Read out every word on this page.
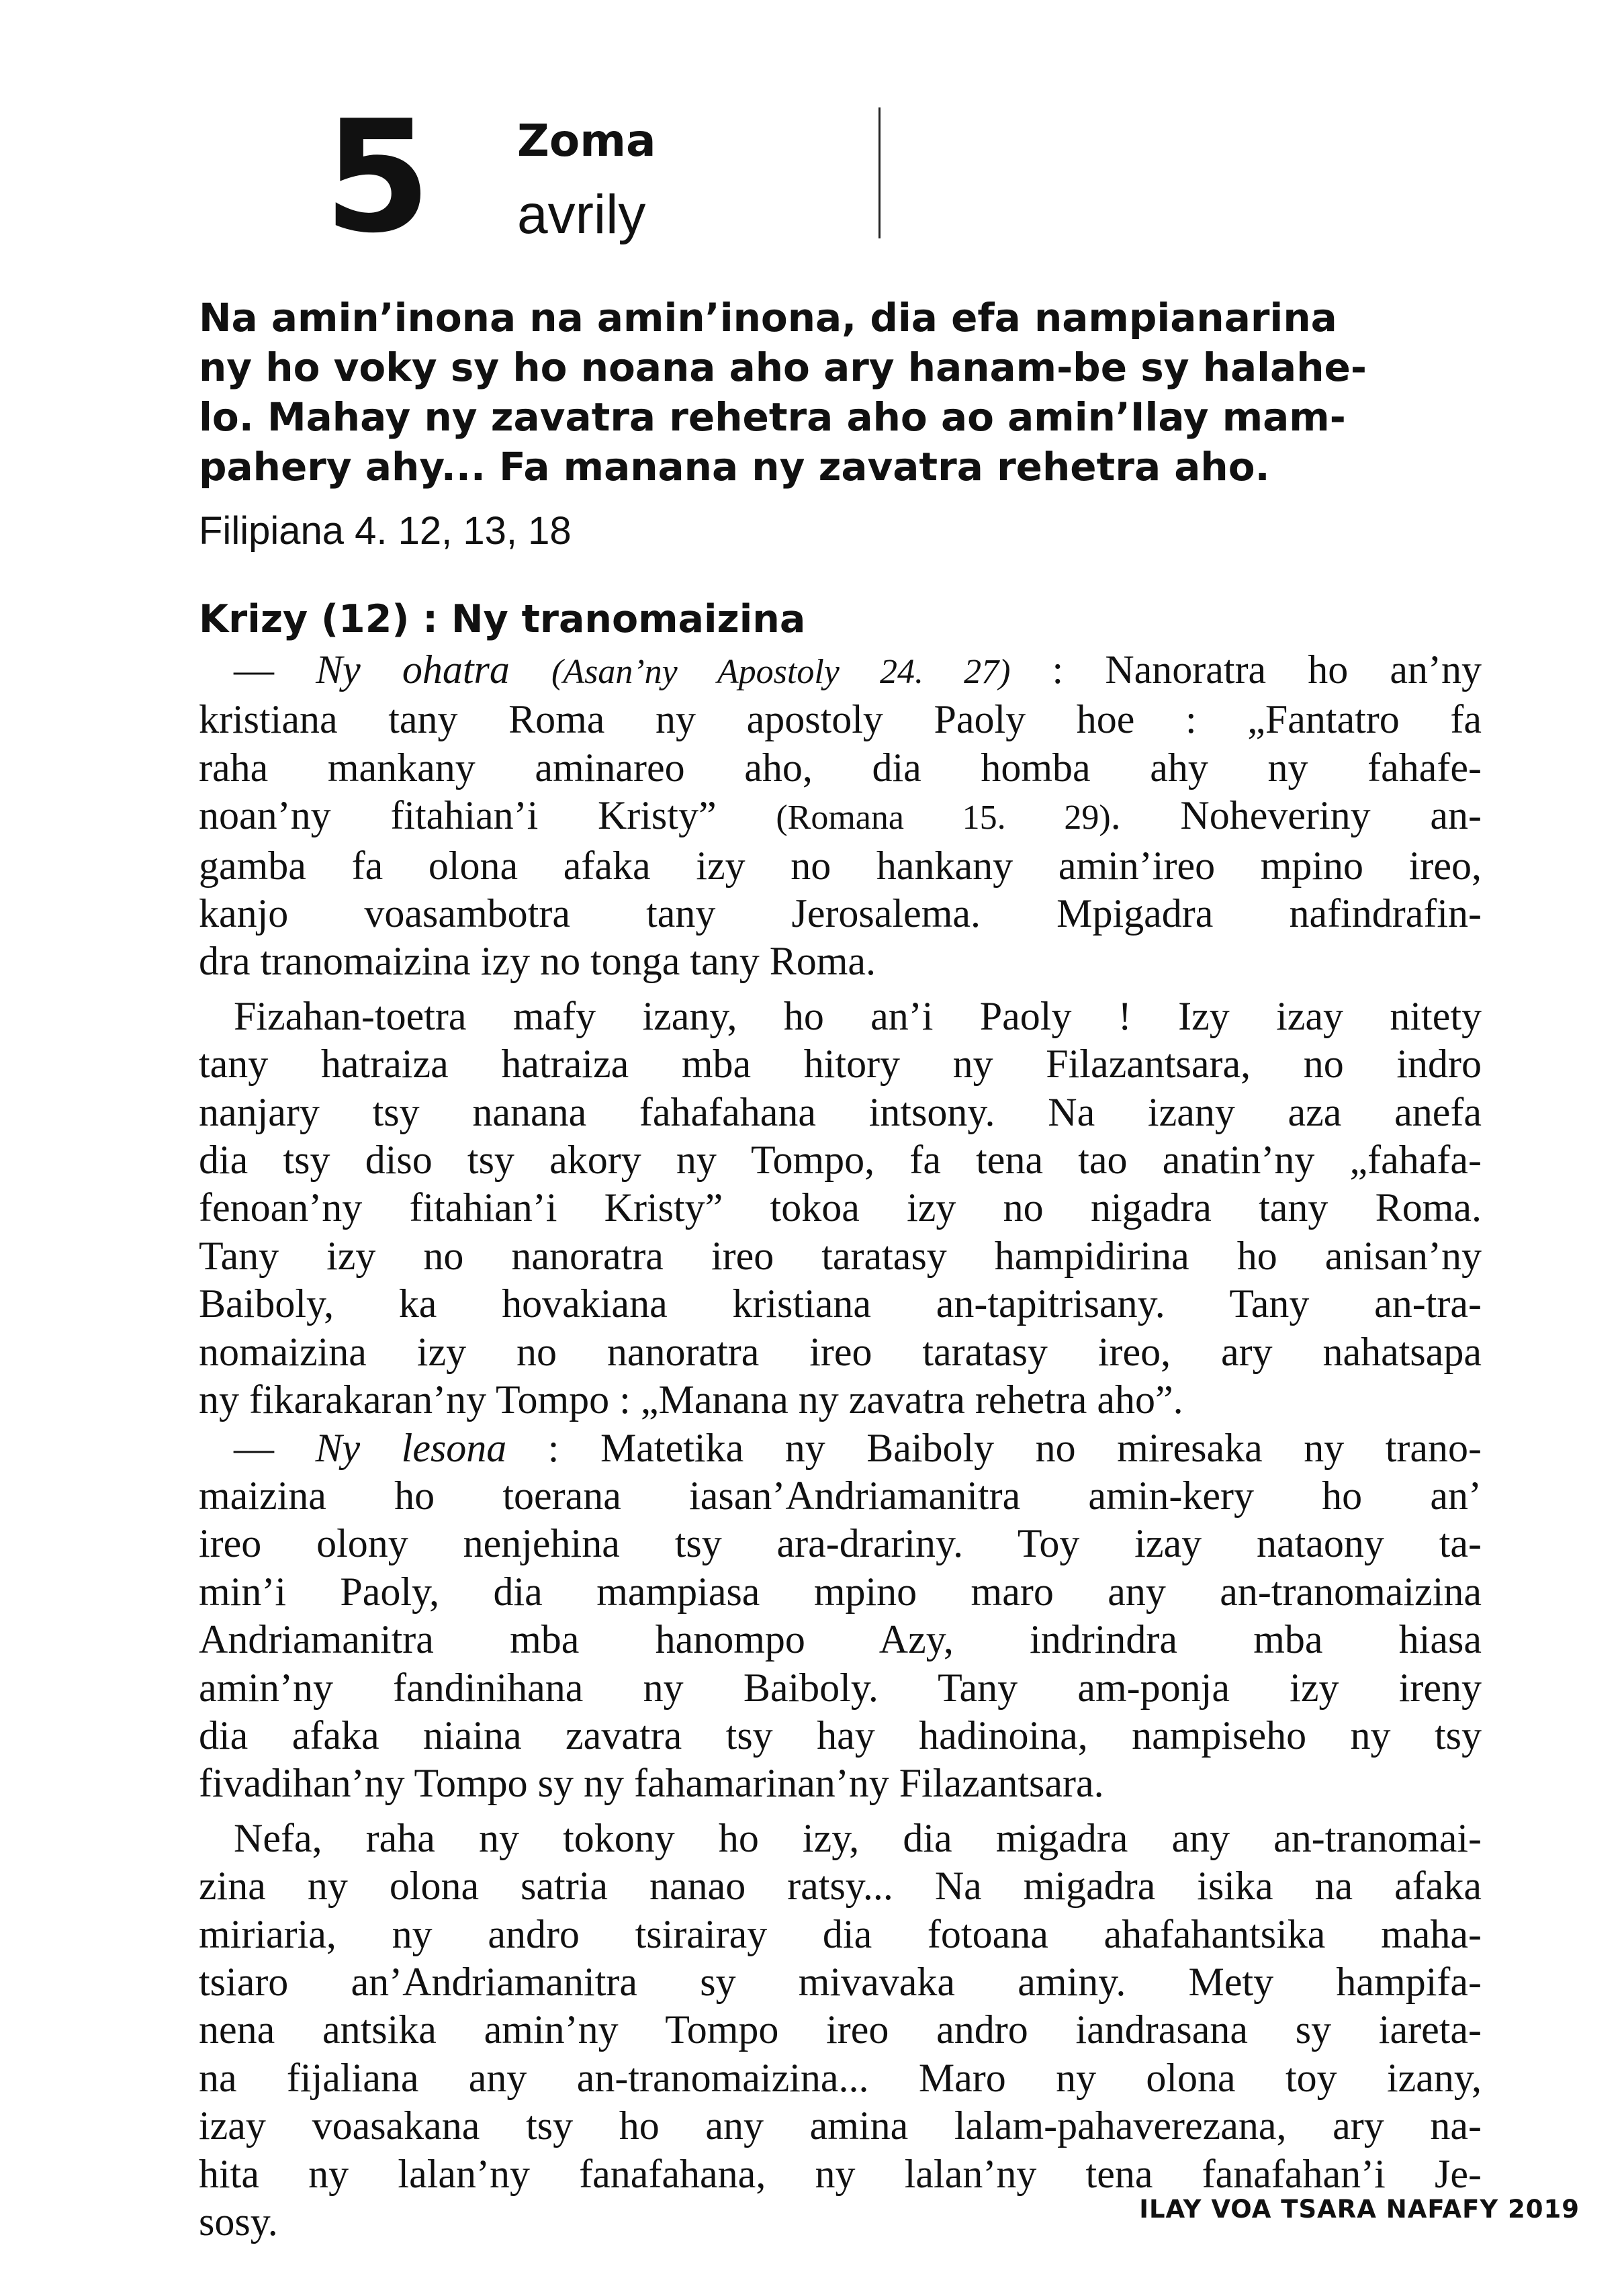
5 Zoma
avrily
Na amin’inona na amin’inona, dia efa nampianarina
ny ho voky sy ho noana aho ary hanam-be sy halahe-
lo. Mahay ny zavatra rehetra aho ao amin’Ilay mam-
pahery ahy... Fa manana ny zavatra rehetra aho.
Filipiana 4. 12, 13, 18
Krizy (12) : Ny tranomaizina
— Ny ohatra (Asan’ny Apostoly 24. 27) : Nanoratra ho an’ny
kristiana tany Roma ny apostoly Paoly hoe : „Fantatro fa
raha mankany aminareo aho, dia homba ahy ny fahafe-
noan’ny fitahian’i Kristy” (Romana 15. 29). Noheveriny an-
gamba fa olona afaka izy no hankany amin’ireo mpino ireo,
kanjo voasambotra tany Jerosalema. Mpigadra nafindrafin-
dra tranomaizina izy no tonga tany Roma.
Fizahan-toetra mafy izany, ho an’i Paoly ! Izy izay nitety
tany hatraiza hatraiza mba hitory ny Filazantsara, no indro
nanjary tsy nanana fahafahana intsony. Na izany aza anefa
dia tsy diso tsy akory ny Tompo, fa tena tao anatin’ny „fahafa-
fenoan’ny fitahian’i Kristy” tokoa izy no nigadra tany Roma.
Tany izy no nanoratra ireo taratasy hampidirina ho anisan’ny
Baiboly, ka hovakiana kristiana an-tapitrisany. Tany an-tra-
nomaizina izy no nanoratra ireo taratasy ireo, ary nahatsapa
ny fikarakaran’ny Tompo : „Manana ny zavatra rehetra aho”.
— Ny lesona : Matetika ny Baiboly no miresaka ny trano-
maizina ho toerana iasan’Andriamanitra amin-kery ho an’
ireo olony nenjehina tsy ara-drariny. Toy izay nataony ta-
min’i Paoly, dia mampiasa mpino maro any an-tranomaizina
Andriamanitra mba hanompo Azy, indrindra mba hiasa
amin’ny fandinihana ny Baiboly. Tany am-ponja izy ireny
dia afaka niaina zavatra tsy hay hadinoina, nampiseho ny tsy
fivadihan’ny Tompo sy ny fahamarinan’ny Filazantsara.
Nefa, raha ny tokony ho izy, dia migadra any an-tranomai-
zina ny olona satria nanao ratsy... Na migadra isika na afaka
miriaria, ny andro tsirairay dia fotoana ahafahantsika maha-
tsiaro an’Andriamanitra sy mivavaka aminy. Mety hampifa-
nena antsika amin’ny Tompo ireo andro iandrasana sy iareta-
na fijaliana any an-tranomaizina... Maro ny olona toy izany,
izay voasakana tsy ho any amina lalam-pahaverezana, ary na-
hita ny lalan’ny fanafahana, ny lalan’ny tena fanafahan’i Je-
sosy.	ILAY VOA TSARA NAFAFY 2019
